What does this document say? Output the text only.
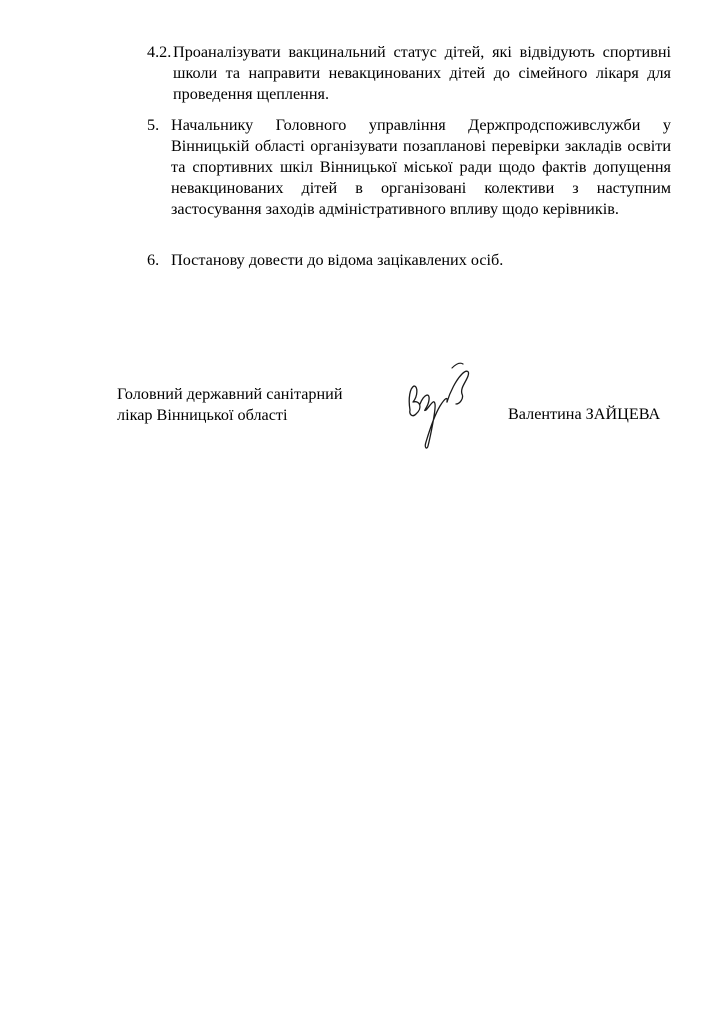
4.2. Проаналізувати вакцинальний статус дітей, які відвідують спортивні школи та направити невакцинованих дітей до сімейного лікаря для проведення щеплення.
5. Начальнику Головного управління Держпродспоживслужби у Вінницькій області організувати позапланові перевірки закладів освіти та спортивних шкіл Вінницької міської ради щодо фактів допущення невакцинованих дітей в організовані колективи з наступним застосування заходів адміністративного впливу щодо керівників.
6. Постанову довести до відома зацікавлених осіб.
Головний державний санітарний
лікар Вінницької області	Валентина ЗАЙЦЕВА
